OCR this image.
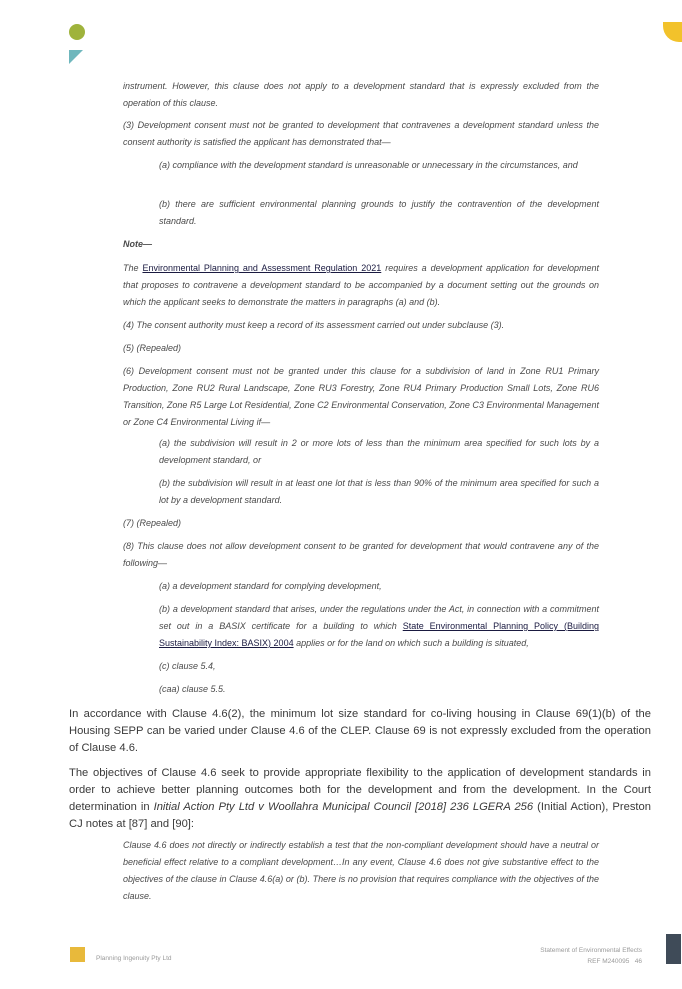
instrument. However, this clause does not apply to a development standard that is expressly excluded from the operation of this clause.

(3) Development consent must not be granted to development that contravenes a development standard unless the consent authority is satisfied the applicant has demonstrated that—

(a) compliance with the development standard is unreasonable or unnecessary in the circumstances, and

(b) there are sufficient environmental planning grounds to justify the contravention of the development standard.

Note—

The Environmental Planning and Assessment Regulation 2021 requires a development application for development that proposes to contravene a development standard to be accompanied by a document setting out the grounds on which the applicant seeks to demonstrate the matters in paragraphs (a) and (b).

(4) The consent authority must keep a record of its assessment carried out under subclause (3).

(5) (Repealed)

(6) Development consent must not be granted under this clause for a subdivision of land in Zone RU1 Primary Production, Zone RU2 Rural Landscape, Zone RU3 Forestry, Zone RU4 Primary Production Small Lots, Zone RU6 Transition, Zone R5 Large Lot Residential, Zone C2 Environmental Conservation, Zone C3 Environmental Management or Zone C4 Environmental Living if—

(a) the subdivision will result in 2 or more lots of less than the minimum area specified for such lots by a development standard, or

(b) the subdivision will result in at least one lot that is less than 90% of the minimum area specified for such a lot by a development standard.

(7) (Repealed)

(8) This clause does not allow development consent to be granted for development that would contravene any of the following—

(a) a development standard for complying development,

(b) a development standard that arises, under the regulations under the Act, in connection with a commitment set out in a BASIX certificate for a building to which State Environmental Planning Policy (Building Sustainability Index: BASIX) 2004 applies or for the land on which such a building is situated,

(c) clause 5.4,

(caa) clause 5.5.

In accordance with Clause 4.6(2), the minimum lot size standard for co-living housing in Clause 69(1)(b) of the Housing SEPP can be varied under Clause 4.6 of the CLEP. Clause 69 is not expressly excluded from the operation of Clause 4.6.

The objectives of Clause 4.6 seek to provide appropriate flexibility to the application of development standards in order to achieve better planning outcomes both for the development and from the development. In the Court determination in Initial Action Pty Ltd v Woollahra Municipal Council [2018] 236 LGERA 256 (Initial Action), Preston CJ notes at [87] and [90]:

Clause 4.6 does not directly or indirectly establish a test that the non-compliant development should have a neutral or beneficial effect relative to a compliant development…In any event, Clause 4.6 does not give substantive effect to the objectives of the clause in Clause 4.6(a) or (b). There is no provision that requires compliance with the objectives of the clause.

Planning Ingenuity Pty Ltd
Statement of Environmental Effects
REF M240095 46
